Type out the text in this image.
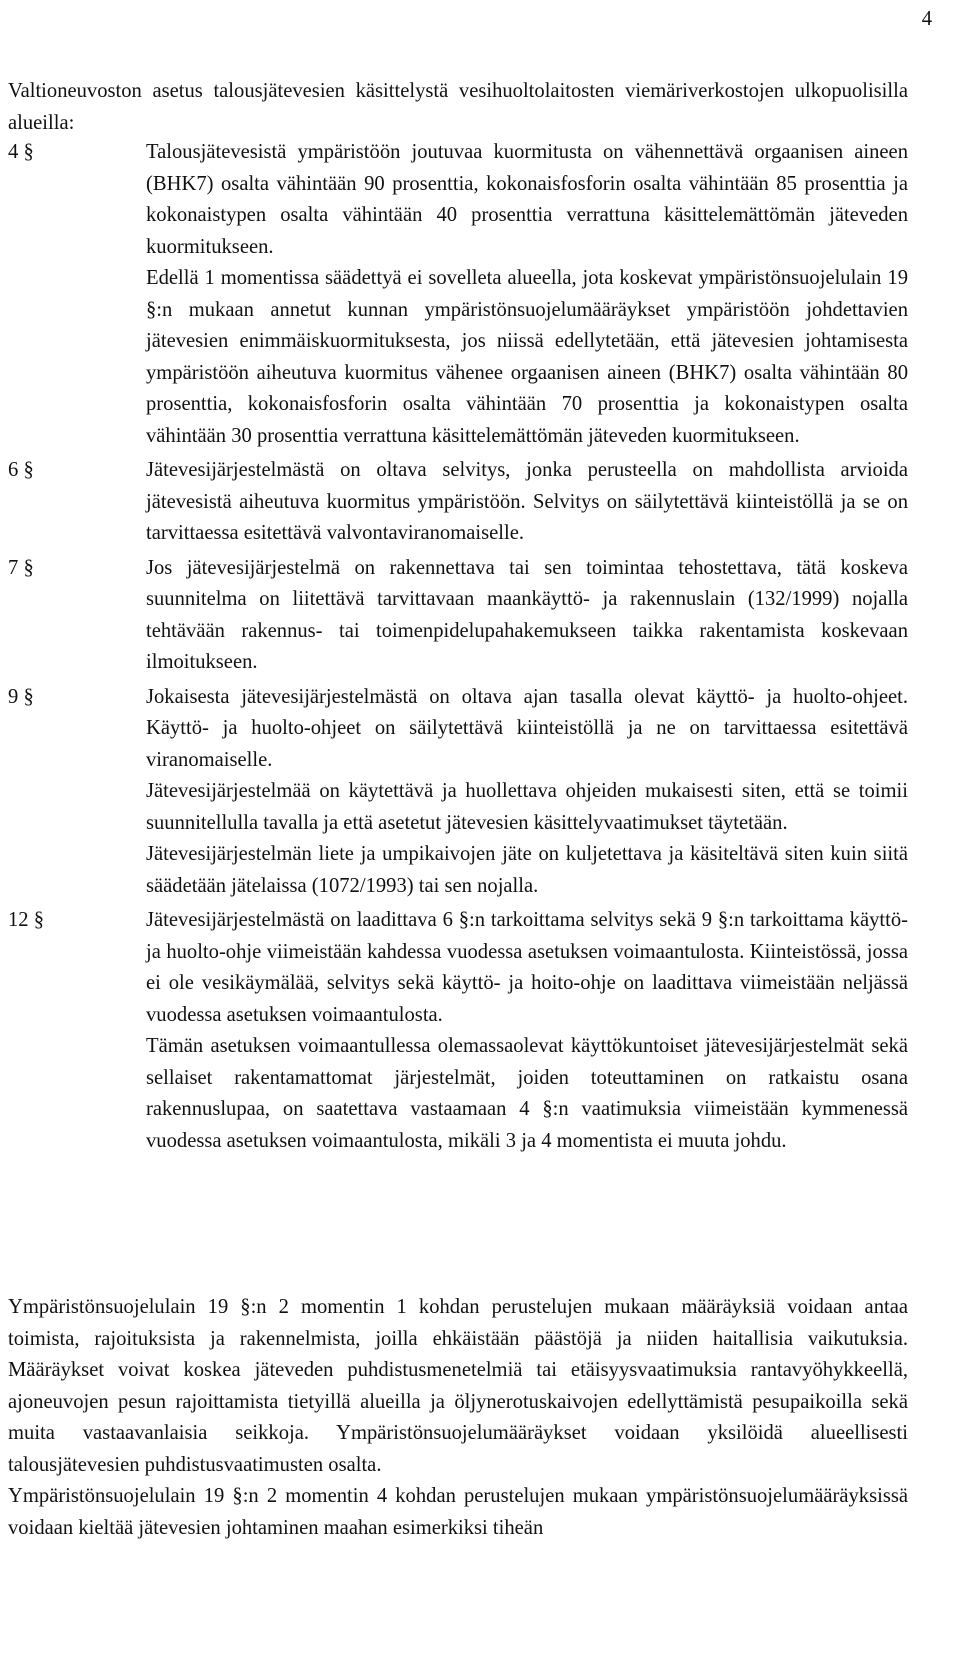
4
Valtioneuvoston asetus talousjätevesien käsittelystä vesihuoltolaitosten viemäriverkostojen ulkopuolisilla alueilla:
4 §	Talousjätevesistä ympäristöön joutuvaa kuormitusta on vähennettävä orgaanisen aineen (BHK7) osalta vähintään 90 prosenttia, kokonaisfosforin osalta vähintään 85 prosenttia ja kokonaistypen osalta vähintään 40 prosenttia verrattuna käsittelemättömän jäteveden kuormitukseen.

Edellä 1 momentissa säädettyä ei sovelleta alueella, jota koskevat ympäristönsuojelulain 19 §:n mukaan annetut kunnan ympäristönsuojelumääräykset ympäristöön johdettavien jätevesien enimmäiskuormituksesta, jos niissä edellytetään, että jätevesien johtamisesta ympäristöön aiheutuva kuormitus vähenee orgaanisen aineen (BHK7) osalta vähintään 80 prosenttia, kokonaisfosforin osalta vähintään 70 prosenttia ja kokonaistypen osalta vähintään 30 prosenttia verrattuna käsittelemättömän jäteveden kuormitukseen.

6 §	Jätevesijärjestelmästä on oltava selvitys, jonka perusteella on mahdollista arvioida jätevesistä aiheutuva kuormitus ympäristöön. Selvitys on säilytettävä kiinteistöllä ja se on tarvittaessa esitettävä valvontaviranomaiselle.

7 §	Jos jätevesijärjestelmä on rakennettava tai sen toimintaa tehostettava, tätä koskeva suunnitelma on liitettävä tarvittavaan maankäyttö- ja rakennuslain (132/1999) nojalla tehtävään rakennus- tai toimenpidelupahakemukseen taikka rakentamista koskevaan ilmoitukseen.

9 §	Jokaisesta jätevesijärjestelmästä on oltava ajan tasalla olevat käyttö- ja huolto-ohjeet. Käyttö- ja huolto-ohjeet on säilytettävä kiinteistöllä ja ne on tarvittaessa esitettävä viranomaiselle.

Jätevesijärjestelmää on käytettävä ja huollettava ohjeiden mukaisesti siten, että se toimii suunnitellulla tavalla ja että asetetut jätevesien käsittelyvaatimukset täytetään.

Jätevesijärjestelmän liete ja umpikaivojen jäte on kuljetettava ja käsiteltävä siten kuin siitä säädetään jätelaissa (1072/1993) tai sen nojalla.

12 §	Jätevesijärjestelmästä on laadittava 6 §:n tarkoittama selvitys sekä 9 §:n tarkoittama käyttö- ja huolto-ohje viimeistään kahdessa vuodessa asetuksen voimaantulosta. Kiinteistössä, jossa ei ole vesikäymälää, selvitys sekä käyttö- ja hoito-ohje on laadittava viimeistään neljässä vuodessa asetuksen voimaantulosta.

Tämän asetuksen voimaantullessa olemassaolevat käyttökuntoiset jätevesijärjestelmät sekä sellaiset rakentamattomat järjestelmät, joiden toteuttaminen on ratkaistu osana rakennuslupaa, on saatettava vastaamaan 4 §:n vaatimuksia viimeistään kymmenessä vuodessa asetuksen voimaantulosta, mikäli 3 ja 4 momentista ei muuta johdu.

Ympäristönsuojelulain 19 §:n 2 momentin 1 kohdan perustelujen mukaan määräyksiä voidaan antaa toimista, rajoituksista ja rakennelmista, joilla ehkäistään päästöjä ja niiden haitallisia vaikutuksia. Määräykset voivat koskea jäteveden puhdistusmenetelmiä tai etäisyysvaatimuksia rantavyöhykkeellä, ajoneuvojen pesun rajoittamista tietyillä alueilla ja öljynerotuskaivojen edellyttämistä pesupaikoilla sekä muita vastaavanlaisia seikkoja. Ympäristönsuojelumääräykset voidaan yksilöidä alueellisesti talousjätevesien puhdistusvaatimusten osalta.

Ympäristönsuojelulain 19 §:n 2 momentin 4 kohdan perustelujen mukaan ympäristönsuojelumääräyksissä voidaan kieltää jätevesien johtaminen maahan esimerkiksi tiheän
